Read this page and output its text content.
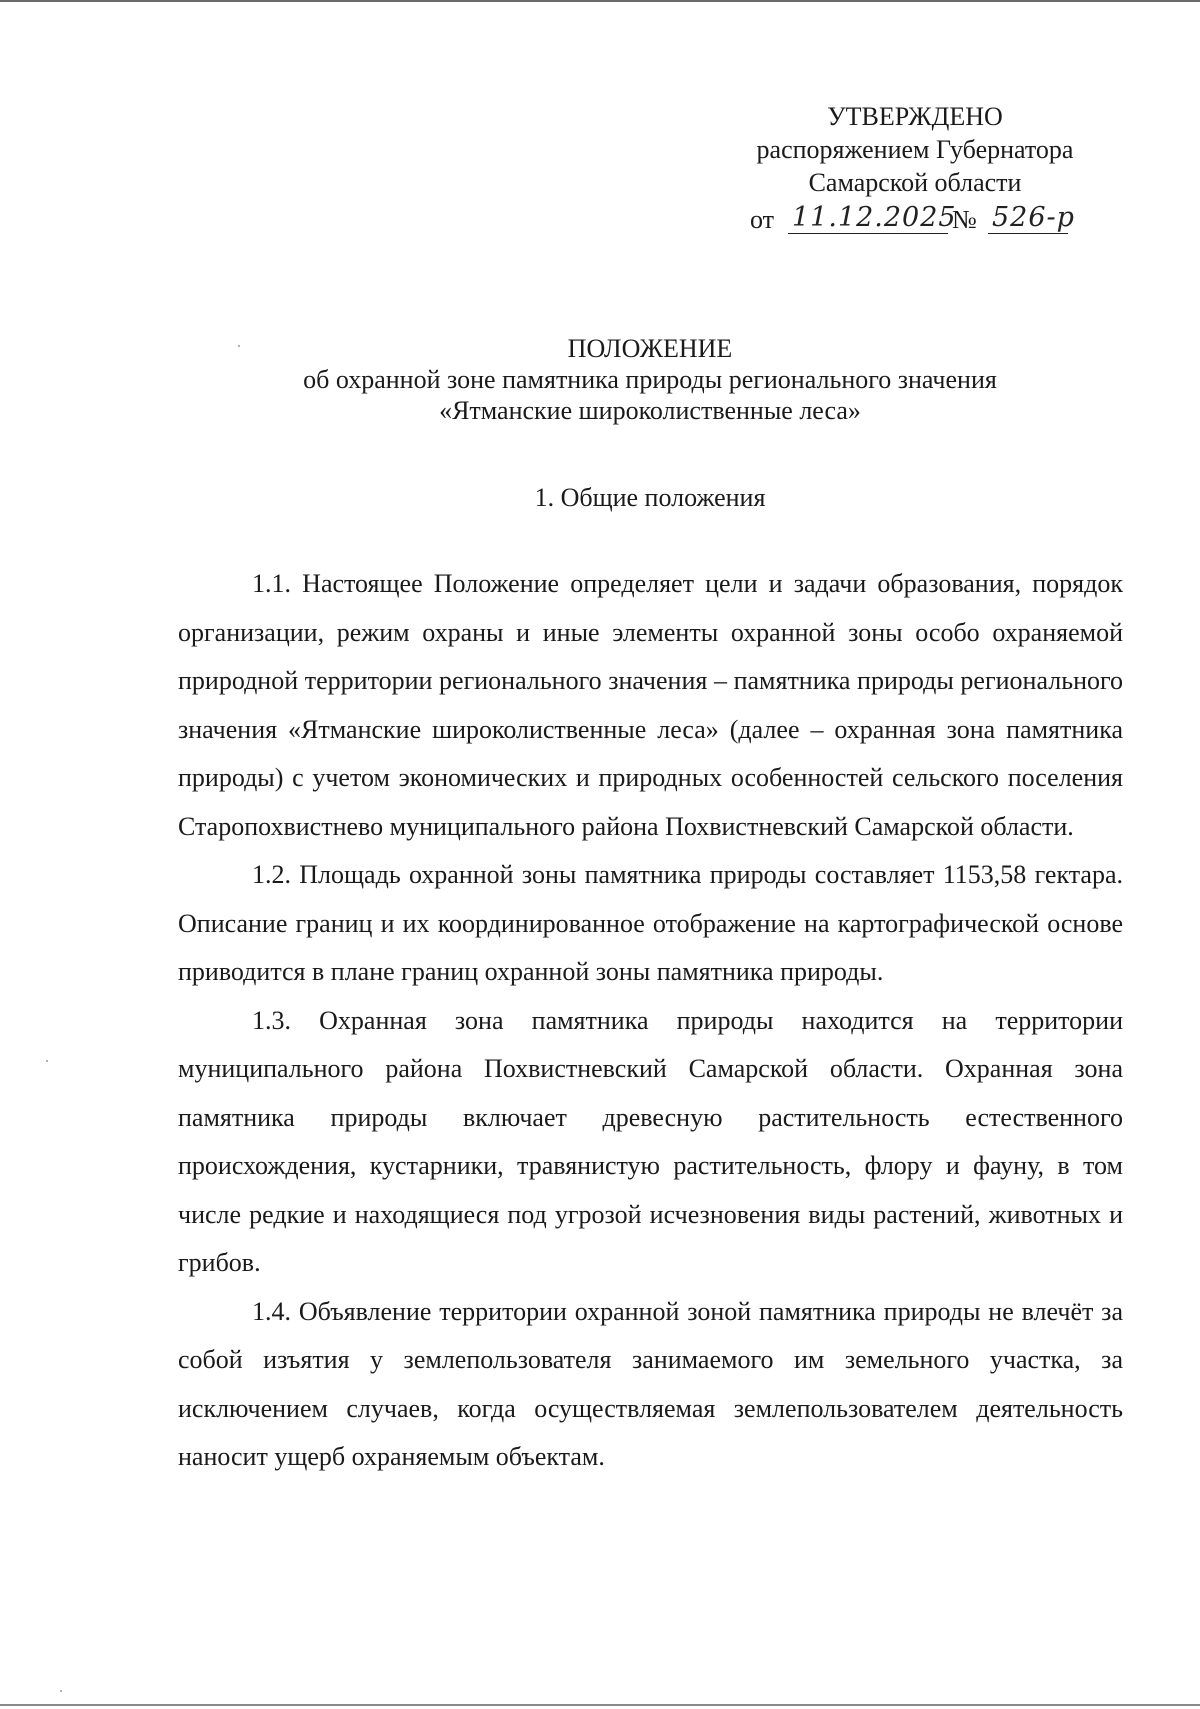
УТВЕРЖДЕНО
распоряжением Губернатора
Самарской области
от 11.12.2025
№ 526-р
ПОЛОЖЕНИЕ
об охранной зоне памятника природы регионального значения
«Ятманские широколиственные леса»
1. Общие положения

1.1. Настоящее Положение определяет цели и задачи образования, порядок организации, режим охраны и иные элементы охранной зоны особо охраняемой природной территории регионального значения – памятника природы регионального значения «Ятманские широколиственные леса» (далее – охранная зона памятника природы) с учетом экономических и природных особенностей сельского поселения Старопохвистнево муниципального района Похвистневский Самарской области.

1.2. Площадь охранной зоны памятника природы составляет 1153,58 гектара. Описание границ и их координированное отображение на картографической основе приводится в плане границ охранной зоны памятника природы.

1.3. Охранная зона памятника природы находится на территории муниципального района Похвистневский Самарской области. Охранная зона памятника природы включает древесную растительность естественного происхождения, кустарники, травянистую растительность, флору и фауну, в том числе редкие и находящиеся под угрозой исчезновения виды растений, животных и грибов.

1.4. Объявление территории охранной зоной памятника природы не влечёт за собой изъятия у землепользователя занимаемого им земельного участка, за исключением случаев, когда осуществляемая землепользователем деятельность наносит ущерб охраняемым объектам.
